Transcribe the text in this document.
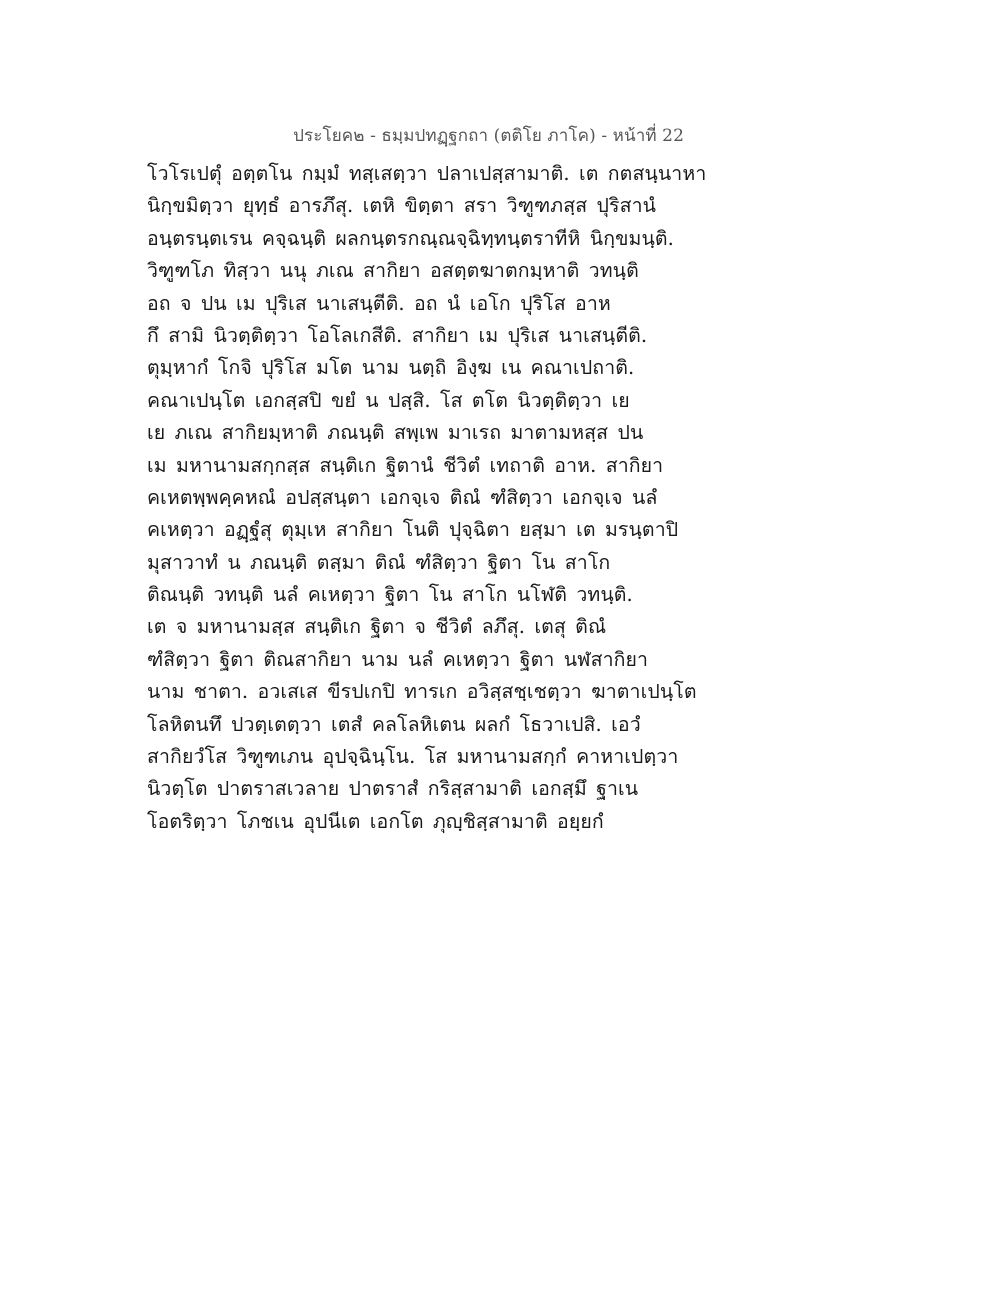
ประโยค๒ - ธมฺมปทฏฺฐกถา (ตติโย ภาโค) - หน้าที่ 22
โวโรเปตุํ อตฺตโน กมฺมํ ทสฺเสตฺวา ปลาเปสฺสามาติ. เต กตสนฺนาหา
นิกฺขมิตฺวา ยุทฺธํ อารภึสุ. เตหิ ขิตฺตา สรา วิฑูฑภสฺส ปุริสานํ
อนฺตรนฺตเรน คจฺฉนฺติ ผลกนฺตรกณฺณจฺฉิทฺทนฺตราทีหิ นิกฺขมนฺติ.
วิฑูฑโภ ทิสฺวา นนุ ภเณ สากิยา อสตฺตฆาตกมฺหาติ วทนฺติ
อถ จ ปน เม ปุริเส นาเสนฺตีติ. อถ นํ เอโก ปุริโส อาห
กึ สามิ นิวตฺติตฺวา โอโลเกสีติ. สากิยา เม ปุริเส นาเสนฺตีติ.
ตุมฺหากํ โกจิ ปุริโส มโต นาม นตฺถิ อิงฺฆ เน คณาเปถาติ.
คณาเปนฺโต เอกสฺสปิ ขยํ น ปสฺสิ. โส ตโต นิวตฺติตฺวา เย
เย ภเณ สากิยมฺหาติ ภณนฺติ สพฺเพ มาเรถ มาตามหสฺส ปน
เม มหานามสกฺกสฺส สนฺติเก ฐิตานํ ชีวิตํ เทถาติ อาห. สากิยา
คเหตพฺพคฺคหณํ อปสฺสนฺตา เอกจฺเจ ติณํ ฑํสิตฺวา เอกจฺเจ นลํ
คเหตฺวา อฏฺฐํสุ ตุมฺเห สากิยา โนติ ปุจฺฉิตา ยสฺมา เต มรนฺตาปิ
มุสาวาทํ น ภณนฺติ ตสฺมา ติณํ ฑํสิตฺวา ฐิตา โน สาโก
ติณนฺติ วทนฺติ นลํ คเหตฺวา ฐิตา โน สาโก นโฬติ วทนฺติ.
เต จ มหานามสฺส สนฺติเก ฐิตา จ ชีวิตํ ลภึสุ. เตสุ ติณํ
ฑํสิตฺวา ฐิตา ติณสากิยา นาม นลํ คเหตฺวา ฐิตา นฬสากิยา
นาม ชาตา. อวเสเส ขีรปเกปิ ทารเก อวิสฺสชฺเชตฺวา ฆาตาเปนฺโต
โลหิตนทึ ปวตฺเตตฺวา เตสํ คลโลหิเตน ผลกํ โธวาเปสิ. เอวํ
สากิยวํโส วิฑูฑเภน อุปจฺฉินฺโน. โส มหานามสกฺกํ คาหาเปตฺวา
นิวตฺโต ปาตราสเวลาย ปาตราสํ กริสฺสามาติ เอกสฺมึ ฐาเน
โอตริตฺวา โภชเน อุปนีเต เอกโต ภุญฺชิสฺสามาติ อยฺยกํ
